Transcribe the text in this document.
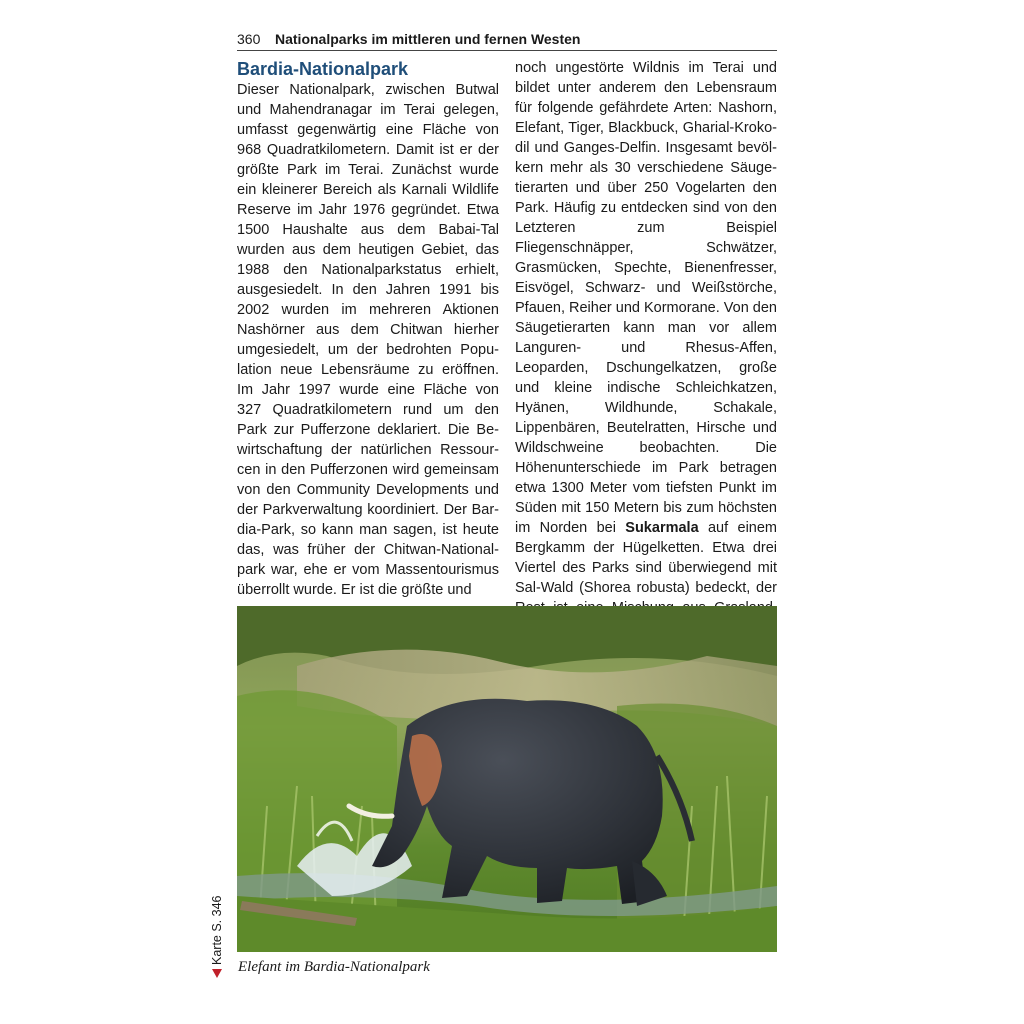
360 Nationalparks im mittleren und fernen Westen
Bardia-Nationalpark

Dieser Nationalpark, zwischen Butwal und Mahendranagar im Terai gelegen, umfasst gegenwärtig eine Fläche von 968 Quadratkilometern. Damit ist er der größte Park im Terai. Zunächst wurde ein kleinerer Bereich als Karnali Wildlife Reserve im Jahr 1976 gegründet. Etwa 1500 Haushalte aus dem Babai-Tal wurden aus dem heutigen Gebiet, das 1988 den Nationalparkstatus erhielt, ausgesiedelt. In den Jahren 1991 bis 2002 wurden im mehreren Aktionen Nashörner aus dem Chitwan hierher umgesiedelt, um der bedrohten Population neue Lebensräume zu eröffnen. Im Jahr 1997 wurde eine Fläche von 327 Quadratkilometern rund um den Park zur Pufferzone deklariert. Die Bewirtschaftung der natürlichen Ressourcen in den Pufferzonen wird gemeinsam von den Community Developments und der Parkverwaltung koordiniert. Der Bardia-Park, so kann man sagen, ist heute das, was früher der Chitwan-Nationalpark war, ehe er vom Massentourismus überrollt wurde. Er ist die größte und

noch ungestörte Wildnis im Terai und bildet unter anderem den Lebensraum für folgende gefährdete Arten: Nashorn, Elefant, Tiger, Blackbuck, Gharial-Krokodil und Ganges-Delfin. Insgesamt bevölkern mehr als 30 verschiedene Säugetierarten und über 250 Vogelarten den Park. Häufig zu entdecken sind von den Letzteren zum Beispiel Fliegenschnäpper, Schwätzer, Grasmücken, Spechte, Bienenfresser, Eisvögel, Schwarz- und Weißstörche, Pfauen, Reiher und Kormorane. Von den Säugetierarten kann man vor allem Languren- und Rhesus-Affen, Leoparden, Dschungelkatzen, große und kleine indische Schleichkatzen, Hyänen, Wildhunde, Schakale, Lippenbären, Beutelratten, Hirsche und Wildschweine beobachten. Die Höhenunterschiede im Park betragen etwa 1300 Meter vom tiefsten Punkt im Süden mit 150 Metern bis zum höchsten im Norden bei Sukarmala auf einem Bergkamm der Hügelketten. Etwa drei Viertel des Parks sind überwiegend mit Sal-Wald (Shorea robusta) bedeckt, der

Elefant im Bardia-Nationalpark
Karte S. 346
